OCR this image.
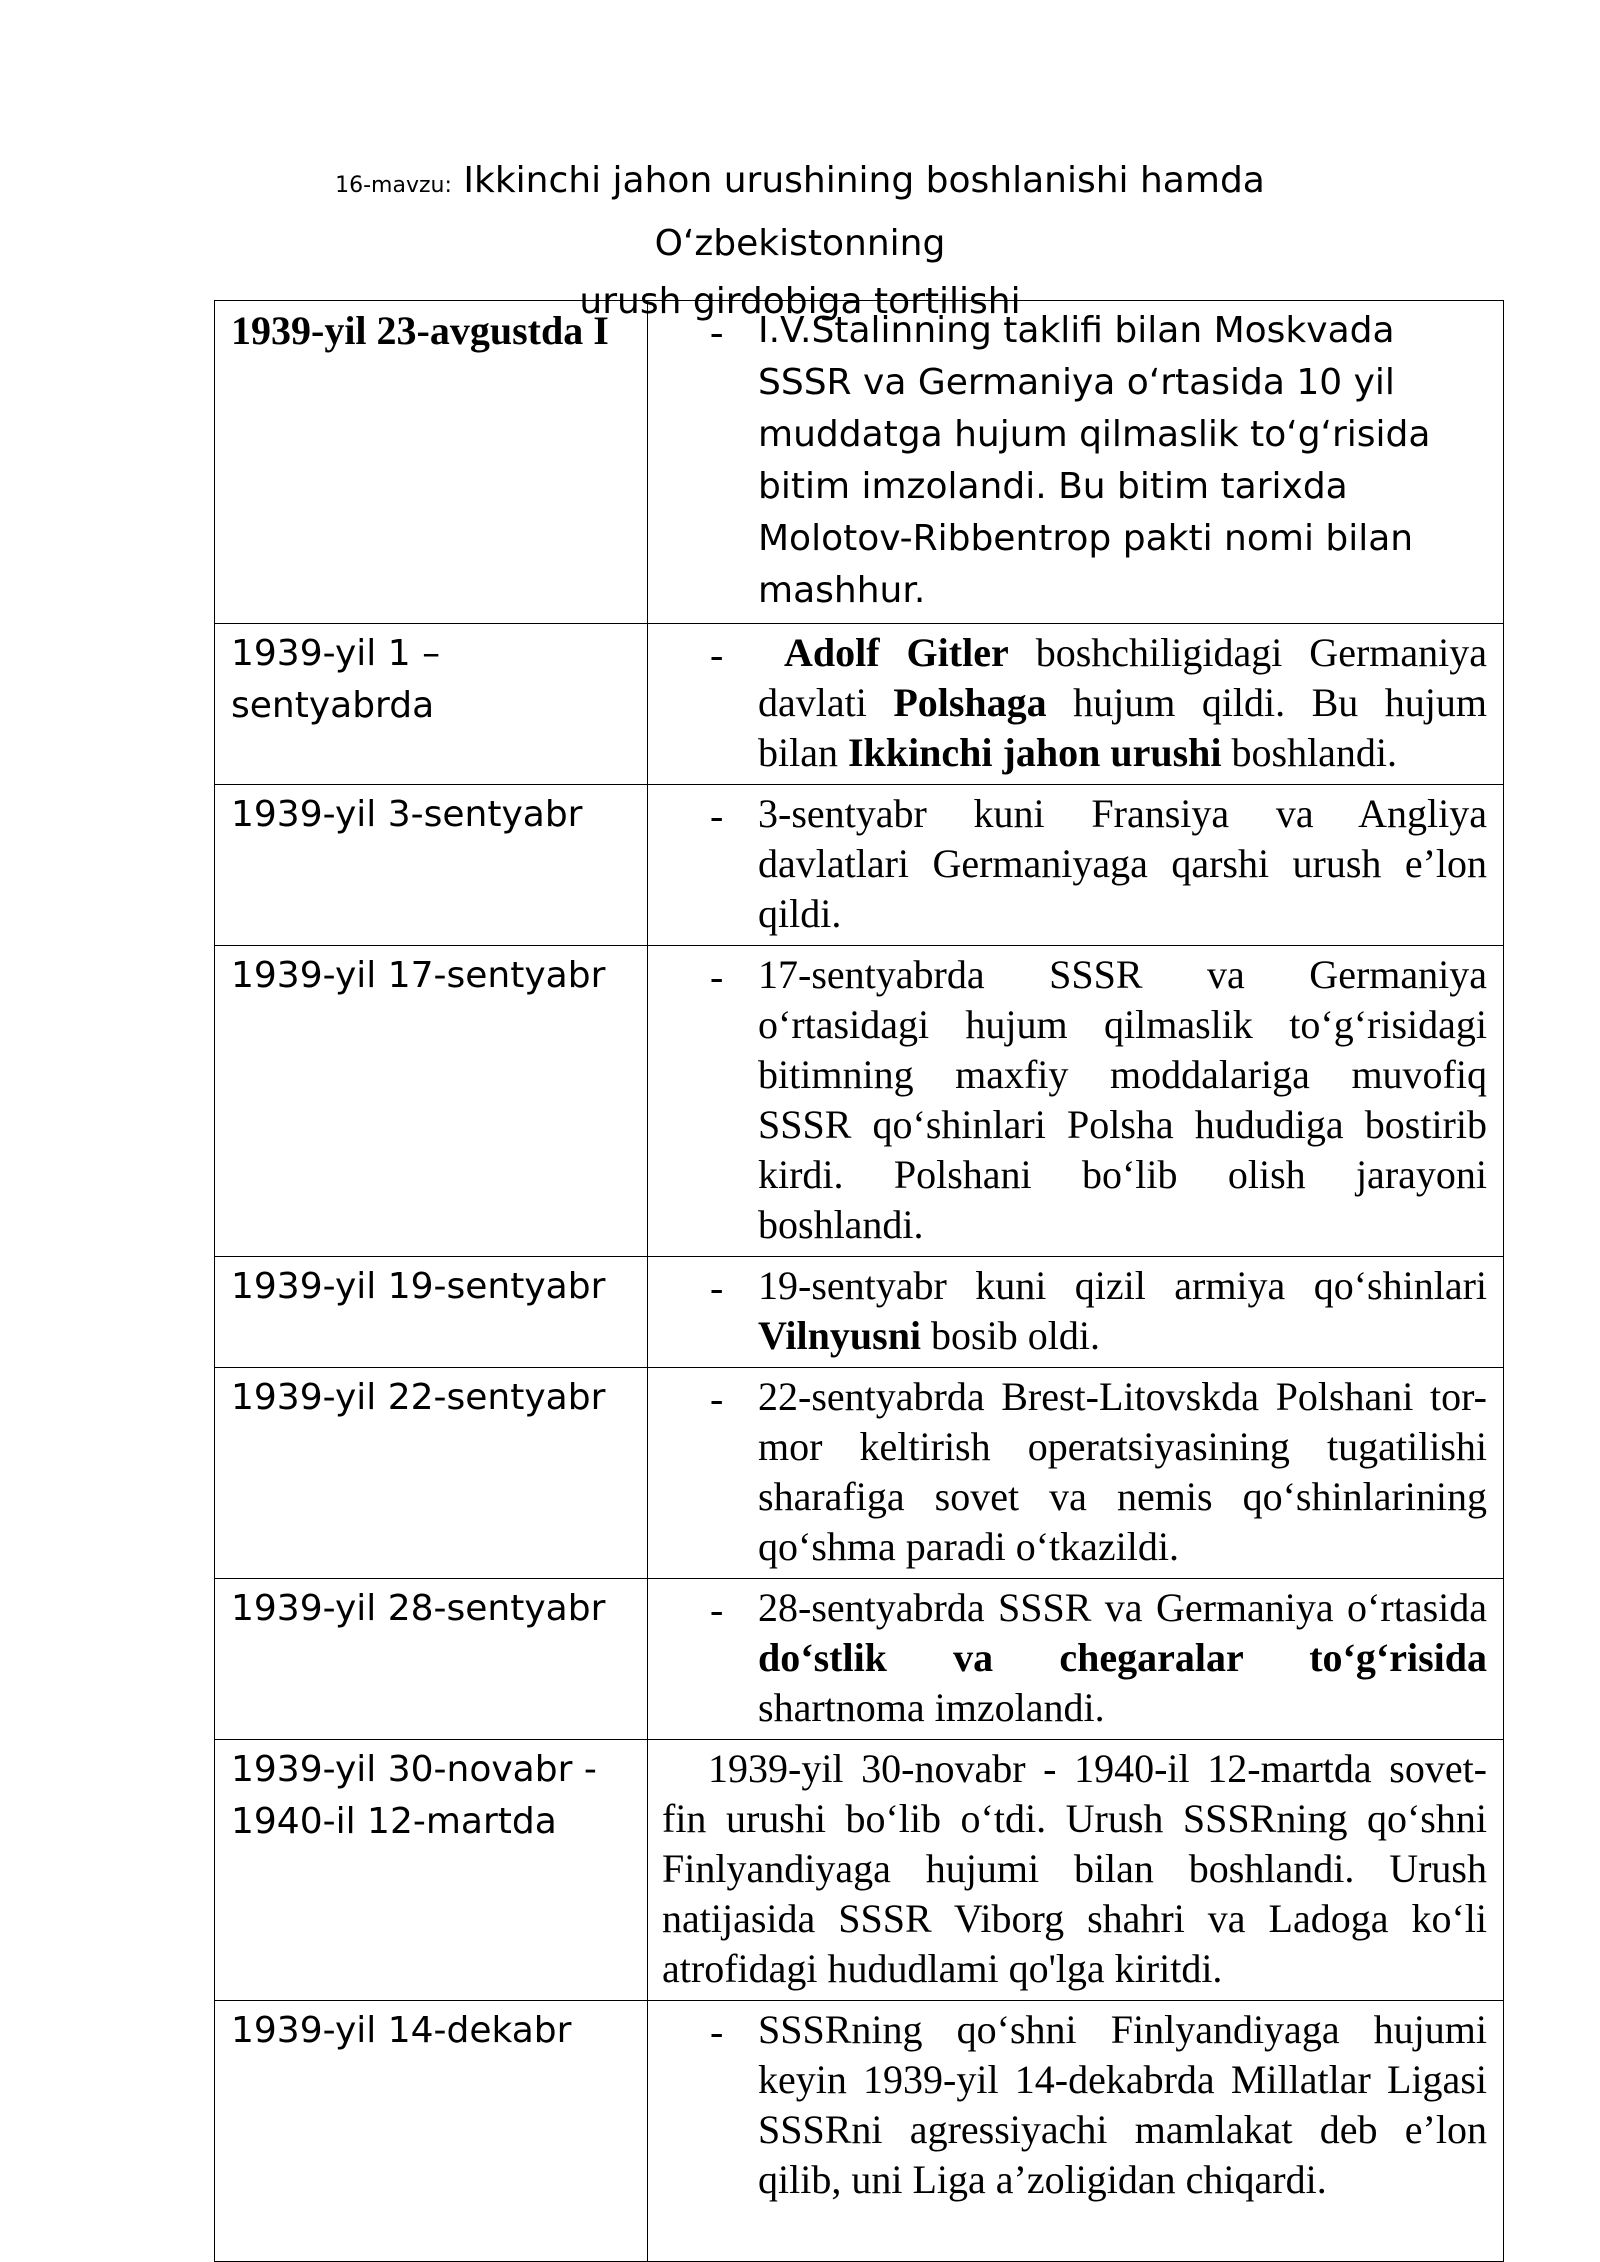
16-mavzu: Ikkinchi jahon urushining boshlanishi hamda O‘zbekistonning
urush girdobiga tortilishi
1939-yil 23-avgustda I	- I.V.Stalinning taklifi bilan Moskvada SSSR va Germaniya oʻrtasida 10 yil muddatga hujum qilmaslik toʻgʻrisida bitim imzolandi. Bu bitim tarixda Molotov-Ribbentrop pakti nomi bilan mashhur.

1939-yil 1 – sentyabrda	- Adolf Gitler boshchiligidagi Germaniya davlati Polshaga hujum qildi. Bu hujum bilan Ikkinchi jahon urushi boshlandi.

1939-yil 3-sentyabr	- 3-sentyabr kuni Fransiya va Angliya davlatlari Germaniyaga qarshi urush e’lon qildi.

1939-yil 17-sentyabr	- 17-sentyabrda SSSR va Germaniya oʻrtasidagi hujum qilmaslik toʻgʻrisidagi bitimning maxfiy moddalariga muvofiq SSSR qoʻshinlari Polsha hududiga bostirib kirdi. Polshani boʻlib olish jarayoni boshlandi.

1939-yil 19-sentyabr	- 19-sentyabr kuni qizil armiya qoʻshinlari Vilnyusni bosib oldi.

1939-yil 22-sentyabr	- 22-sentyabrda Brest-Litovskda Polshani tor-mor keltirish operatsiyasining tugatilishi sharafiga sovet va nemis qoʻshinlarining qoʻshma paradi oʻtkazildi.

1939-yil 28-sentyabr	- 28-sentyabrda SSSR va Germaniya oʻrtasida doʻstlik va chegaralar toʻgʻrisida shartnoma imzolandi.

1939-yil 30-novabr - 1940-il 12-martda	1939-yil 30-novabr - 1940-il 12-martda sovet-fin urushi boʻlib oʻtdi. Urush SSSRning qoʻshni Finlyandiyaga hujumi bilan boshlandi. Urush natijasida SSSR Viborg shahri va Ladoga koʻli atrofidagi hududlami qo'lga kiritdi.

1939-yil 14-dekabr	- SSSRning qoʻshni Finlyandiyaga hujumi keyin 1939-yil 14-dekabrda Millatlar Ligasi SSSRni agressiyachi mamlakat deb e’lon qilib, uni Liga a’zoligidan chiqardi.
